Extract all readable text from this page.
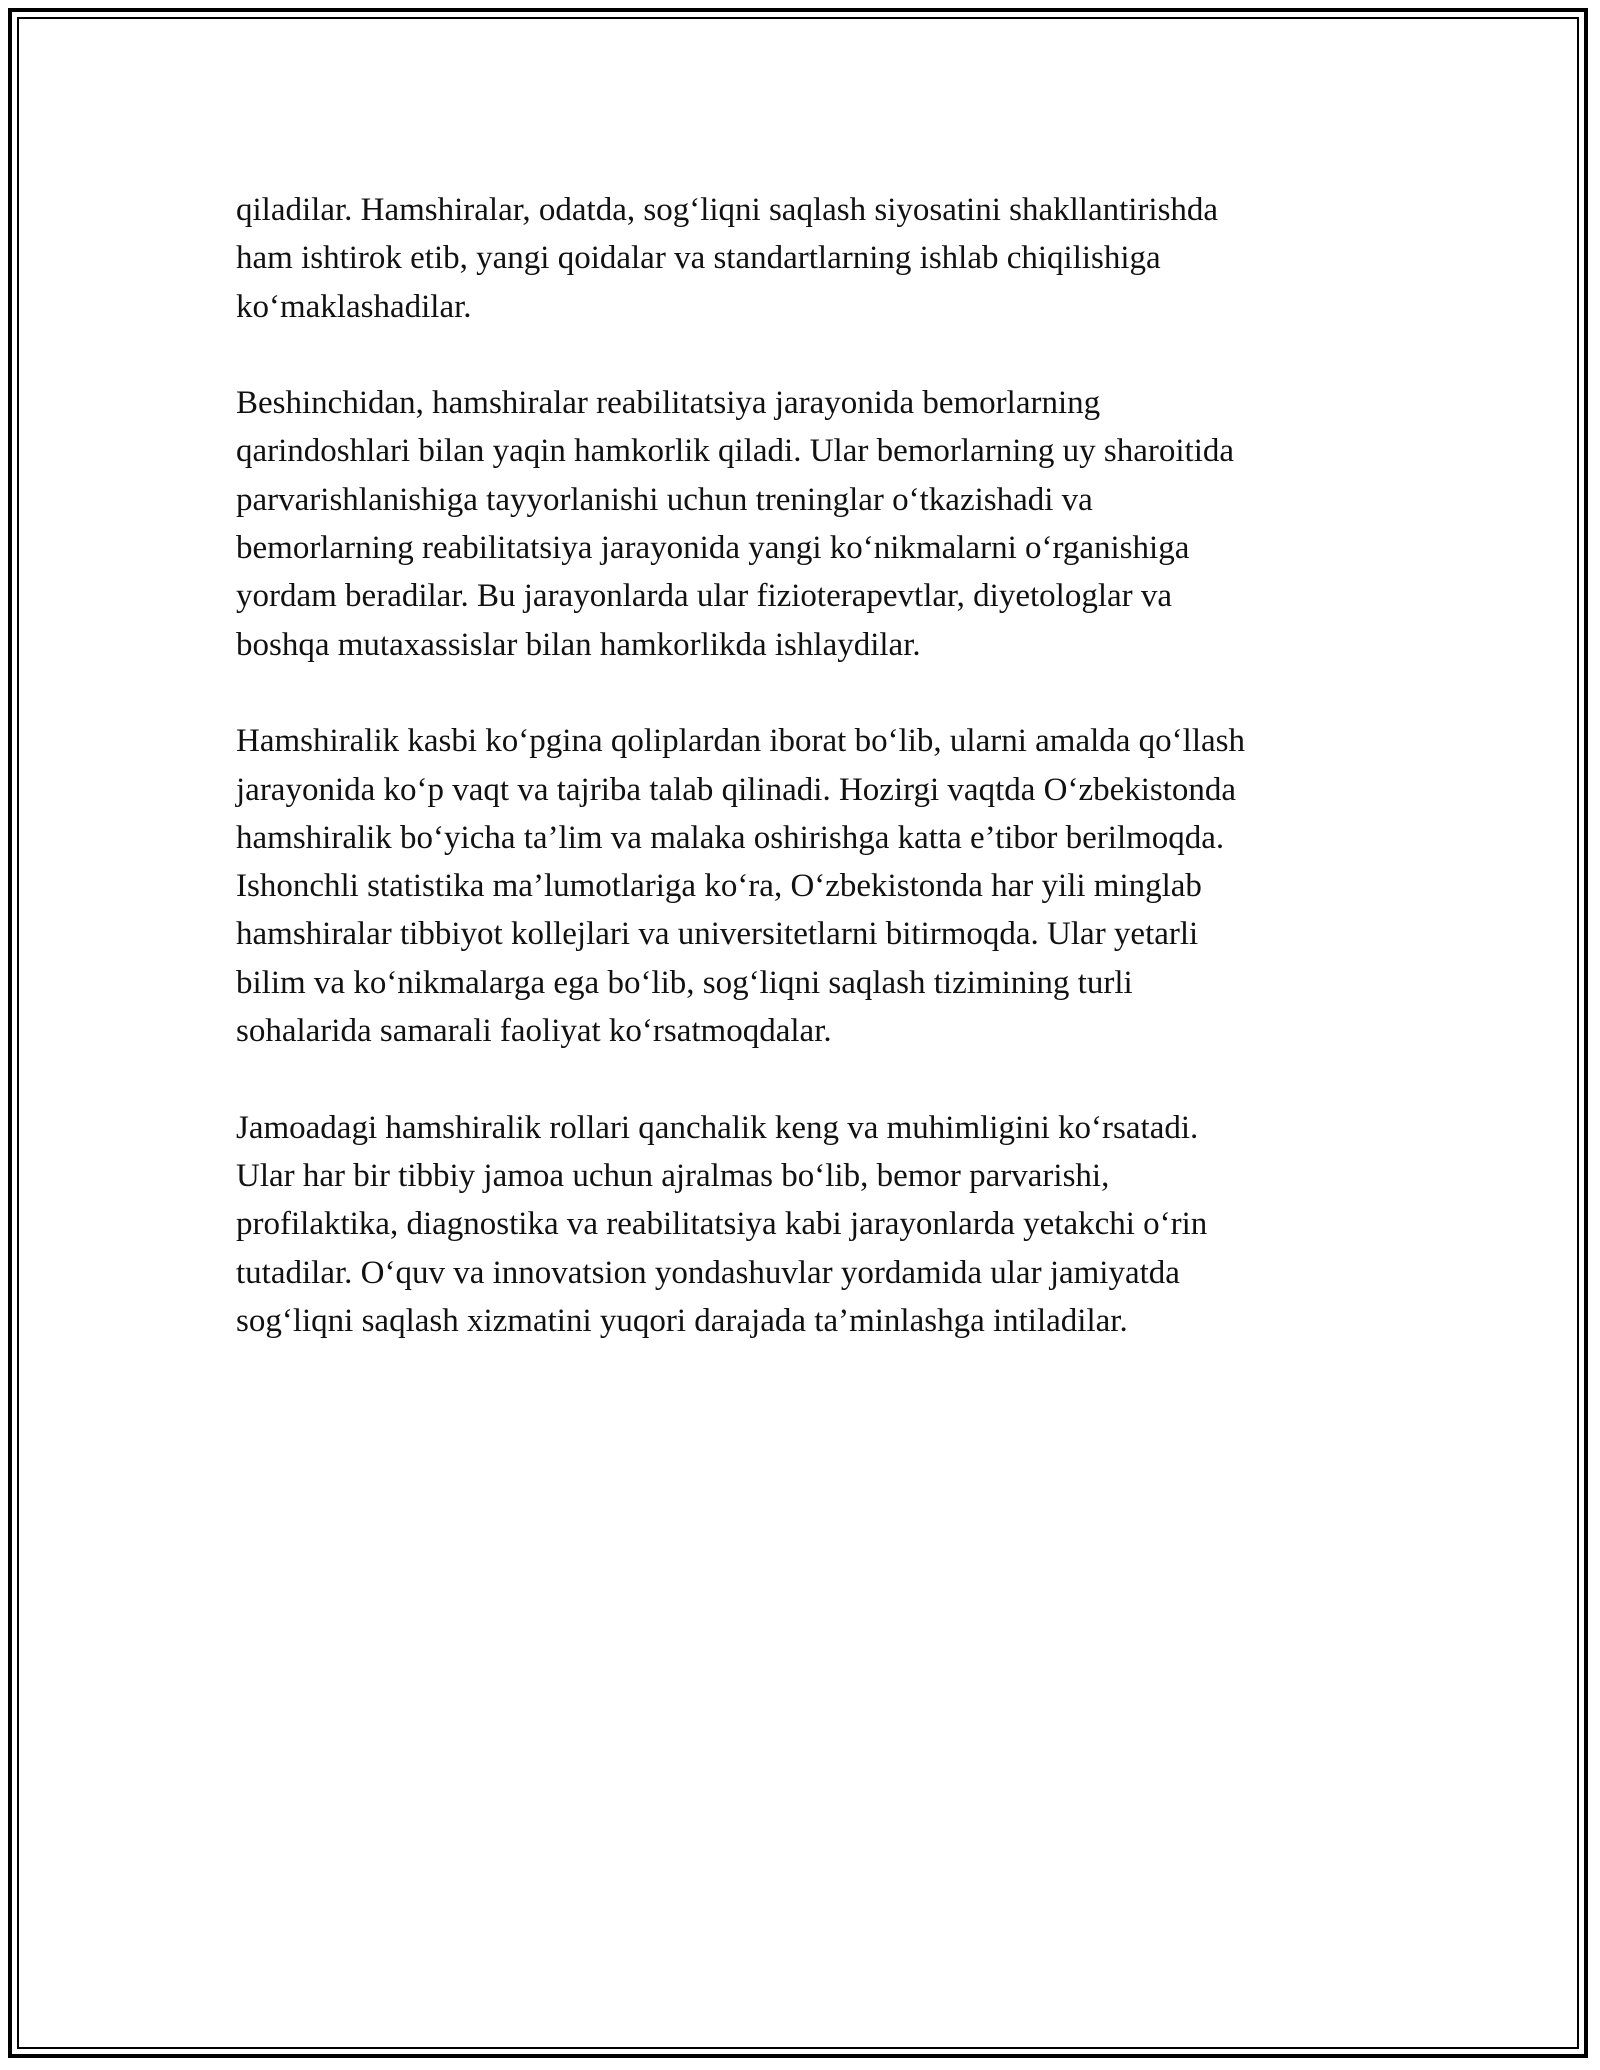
qiladilar. Hamshiralar, odatda, sog‘liqni saqlash siyosatini shakllantirishda
ham ishtirok etib, yangi qoidalar va standartlarning ishlab chiqilishiga
ko‘maklashadilar.

Beshinchidan, hamshiralar reabilitatsiya jarayonida bemorlarning
qarindoshlari bilan yaqin hamkorlik qiladi. Ular bemorlarning uy sharoitida
parvarishlanishiga tayyorlanishi uchun treninglar o‘tkazishadi va
bemorlarning reabilitatsiya jarayonida yangi ko‘nikmalarni o‘rganishiga
yordam beradilar. Bu jarayonlarda ular fizioterapevtlar, diyetologlar va
boshqa mutaxassislar bilan hamkorlikda ishlaydilar.

Hamshiralik kasbi ko‘pgina qoliplardan iborat bo‘lib, ularni amalda qo‘llash
jarayonida ko‘p vaqt va tajriba talab qilinadi. Hozirgi vaqtda O‘zbekistonda
hamshiralik bo‘yicha ta’lim va malaka oshirishga katta e’tibor berilmoqda.
Ishonchli statistika ma’lumotlariga ko‘ra, O‘zbekistonda har yili minglab
hamshiralar tibbiyot kollejlari va universitetlarni bitirmoqda. Ular yetarli
bilim va ko‘nikmalarga ega bo‘lib, sog‘liqni saqlash tizimining turli
sohalarida samarali faoliyat ko‘rsatmoqdalar.

Jamoadagi hamshiralik rollari qanchalik keng va muhimligini ko‘rsatadi.
Ular har bir tibbiy jamoa uchun ajralmas bo‘lib, bemor parvarishi,
profilaktika, diagnostika va reabilitatsiya kabi jarayonlarda yetakchi o‘rin
tutadilar. O‘quv va innovatsion yondashuvlar yordamida ular jamiyatda
sog‘liqni saqlash xizmatini yuqori darajada ta’minlashga intiladilar.
